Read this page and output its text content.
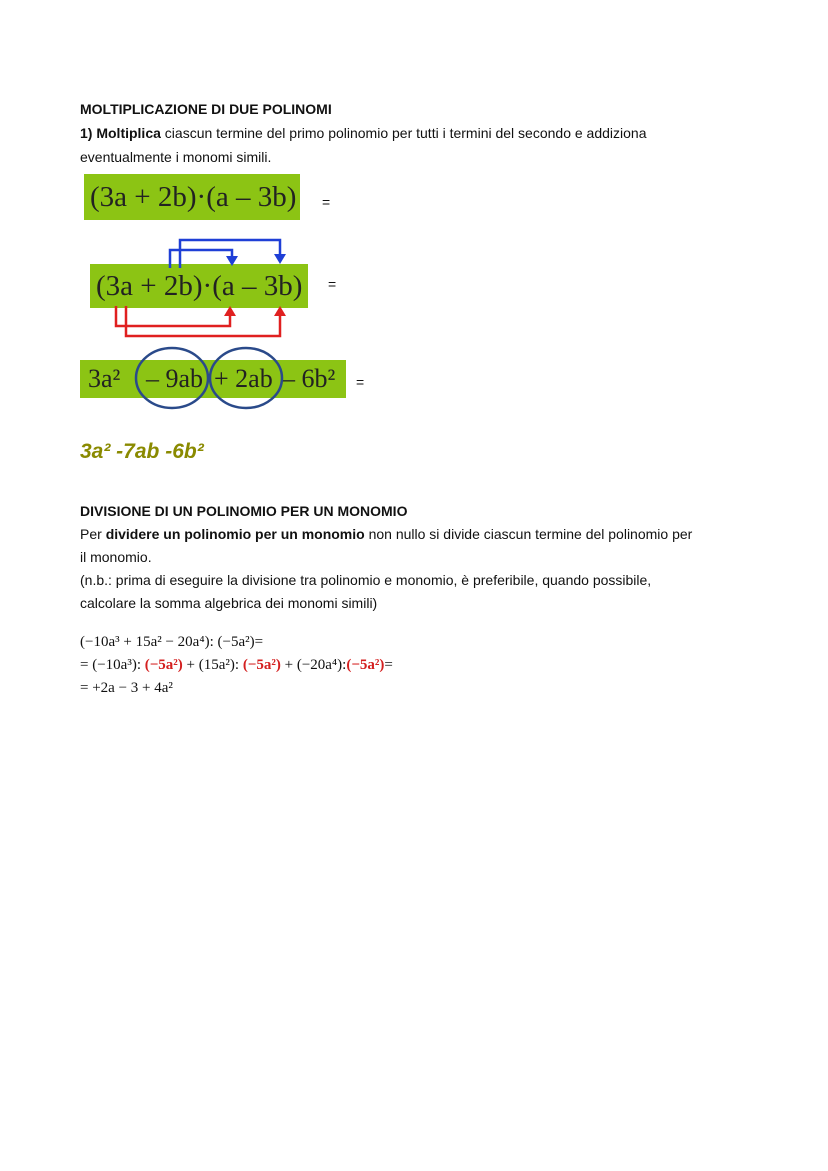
MOLTIPLICAZIONE DI DUE POLINOMI
1) Moltiplica ciascun termine del primo polinomio per tutti i termini del secondo e addiziona
eventualmente i monomi simili.
(3a + 2b)·(a – 3b) =
(3a + 2b)·(a – 3b)	=
3a² – 9ab + 2ab – 6b² =
3a² -7ab -6b²
DIVISIONE DI UN POLINOMIO PER UN MONOMIO
Per dividere un polinomio per un monomio non nullo si divide ciascun termine del polinomio per
il monomio.
(n.b.: prima di eseguire la divisione tra polinomio e monomio, è preferibile, quando possibile,
calcolare la somma algebrica dei monomi simili)
(−10a³ + 15a² − 20a⁴): (−5a²)=
= (−10a³): (−5a²) + (15a²): (−5a²) + (−20a⁴):(−5a²)=
= +2a − 3 + 4a²
